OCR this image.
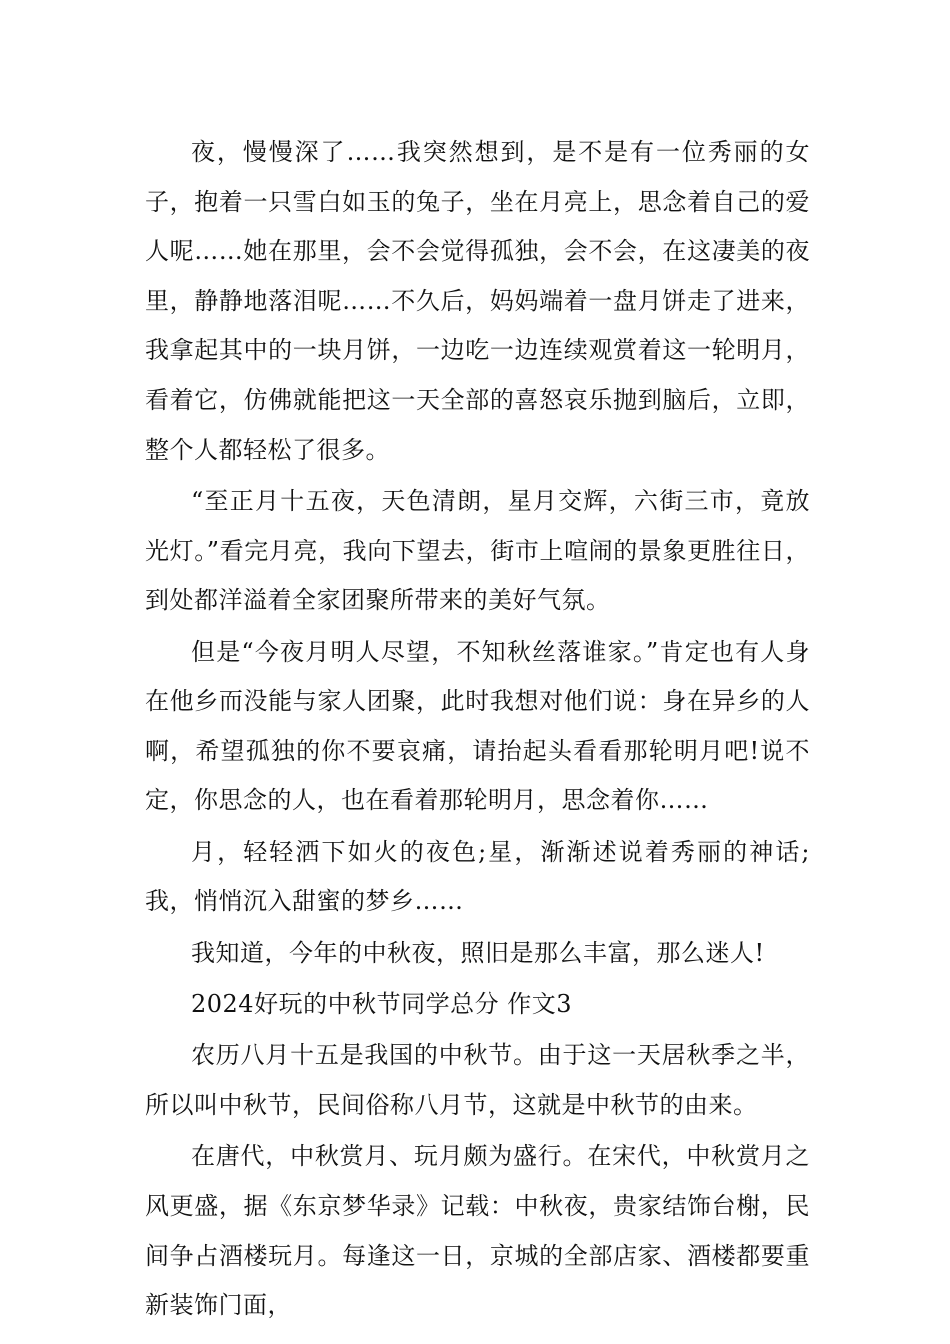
夜，慢慢深了……我突然想到，是不是有一位秀丽的女子，抱着一只雪白如玉的兔子，坐在月亮上，思念着自己的爱人呢……她在那里，会不会觉得孤独，会不会，在这凄美的夜里，静静地落泪呢……不久后，妈妈端着一盘月饼走了进来，我拿起其中的一块月饼，一边吃一边连续观赏着这一轮明月，看着它，仿佛就能把这一天全部的喜怒哀乐抛到脑后，立即，整个人都轻松了很多。

“至正月十五夜，天色清朗，星月交辉，六街三市，竟放光灯。”看完月亮，我向下望去，街市上喧闹的景象更胜往日，到处都洋溢着全家团聚所带来的美好气氛。

但是“今夜月明人尽望，不知秋丝落谁家。”肯定也有人身在他乡而没能与家人团聚，此时我想对他们说：身在异乡的人啊，希望孤独的你不要哀痛，请抬起头看看那轮明月吧!说不定，你思念的人，也在看着那轮明月，思念着你……

月，轻轻洒下如火的夜色;星，渐渐述说着秀丽的神话;我，悄悄沉入甜蜜的梦乡……

我知道，今年的中秋夜，照旧是那么丰富，那么迷人!

2024好玩的中秋节同学总分 作文3

农历八月十五是我国的中秋节。由于这一天居秋季之半，所以叫中秋节，民间俗称八月节，这就是中秋节的由来。

在唐代，中秋赏月、玩月颇为盛行。在宋代，中秋赏月之风更盛，据《东京梦华录》记载：中秋夜，贵家结饰台榭，民间争占酒楼玩月。每逢这一日，京城的全部店家、酒楼都要重新装饰门面，
